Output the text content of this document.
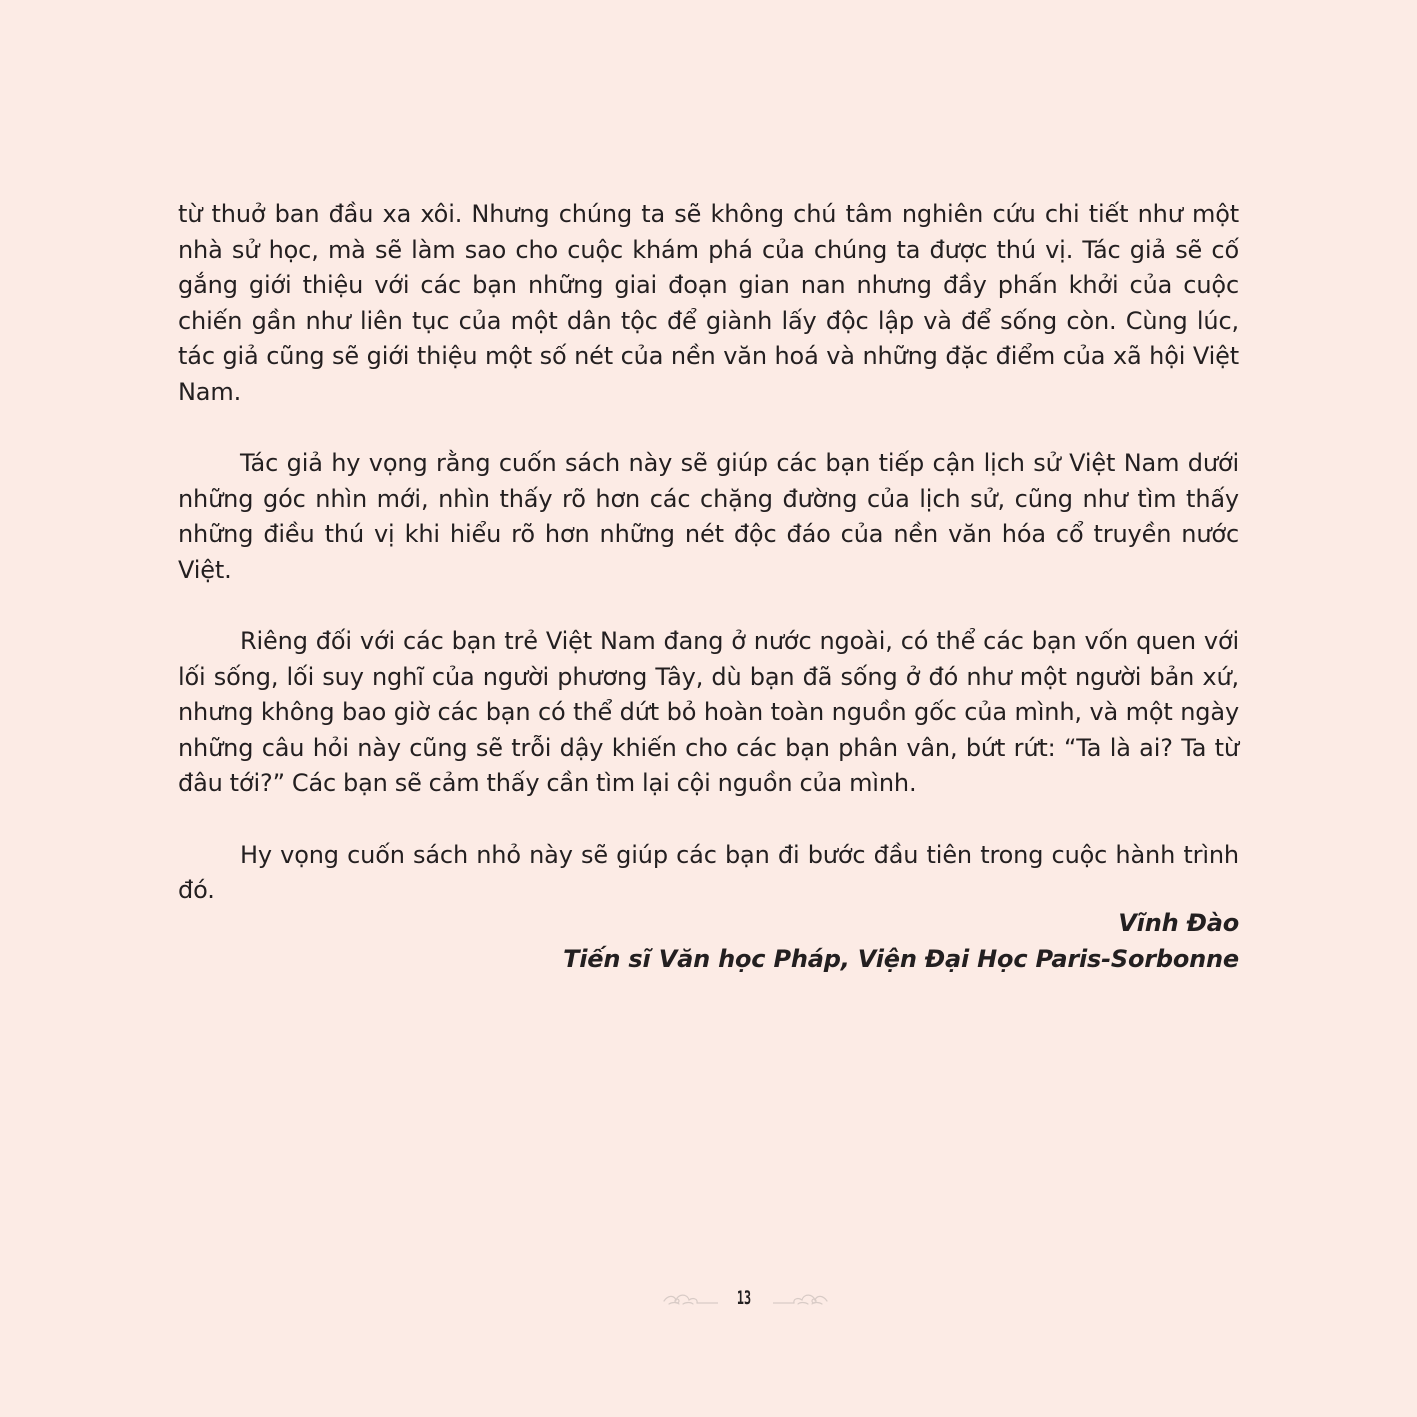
từ thuở ban đầu xa xôi. Nhưng chúng ta sẽ không chú tâm nghiên cứu chi tiết như một nhà sử học, mà sẽ làm sao cho cuộc khám phá của chúng ta được thú vị. Tác giả sẽ cố gắng giới thiệu với các bạn những giai đoạn gian nan nhưng đầy phấn khởi của cuộc chiến gần như liên tục của một dân tộc để giành lấy độc lập và để sống còn. Cùng lúc, tác giả cũng sẽ giới thiệu một số nét của nền văn hoá và những đặc điểm của xã hội Việt Nam.

Tác giả hy vọng rằng cuốn sách này sẽ giúp các bạn tiếp cận lịch sử Việt Nam dưới những góc nhìn mới, nhìn thấy rõ hơn các chặng đường của lịch sử, cũng như tìm thấy những điều thú vị khi hiểu rõ hơn những nét độc đáo của nền văn hóa cổ truyền nước Việt.

Riêng đối với các bạn trẻ Việt Nam đang ở nước ngoài, có thể các bạn vốn quen với lối sống, lối suy nghĩ của người phương Tây, dù bạn đã sống ở đó như một người bản xứ, nhưng không bao giờ các bạn có thể dứt bỏ hoàn toàn nguồn gốc của mình, và một ngày những câu hỏi này cũng sẽ trỗi dậy khiến cho các bạn phân vân, bứt rứt: “Ta là ai? Ta từ đâu tới?” Các bạn sẽ cảm thấy cần tìm lại cội nguồn của mình.

Hy vọng cuốn sách nhỏ này sẽ giúp các bạn đi bước đầu tiên trong cuộc hành trình đó.

Vĩnh Đào
Tiến sĩ Văn học Pháp, Viện Đại Học Paris-Sorbonne
13
